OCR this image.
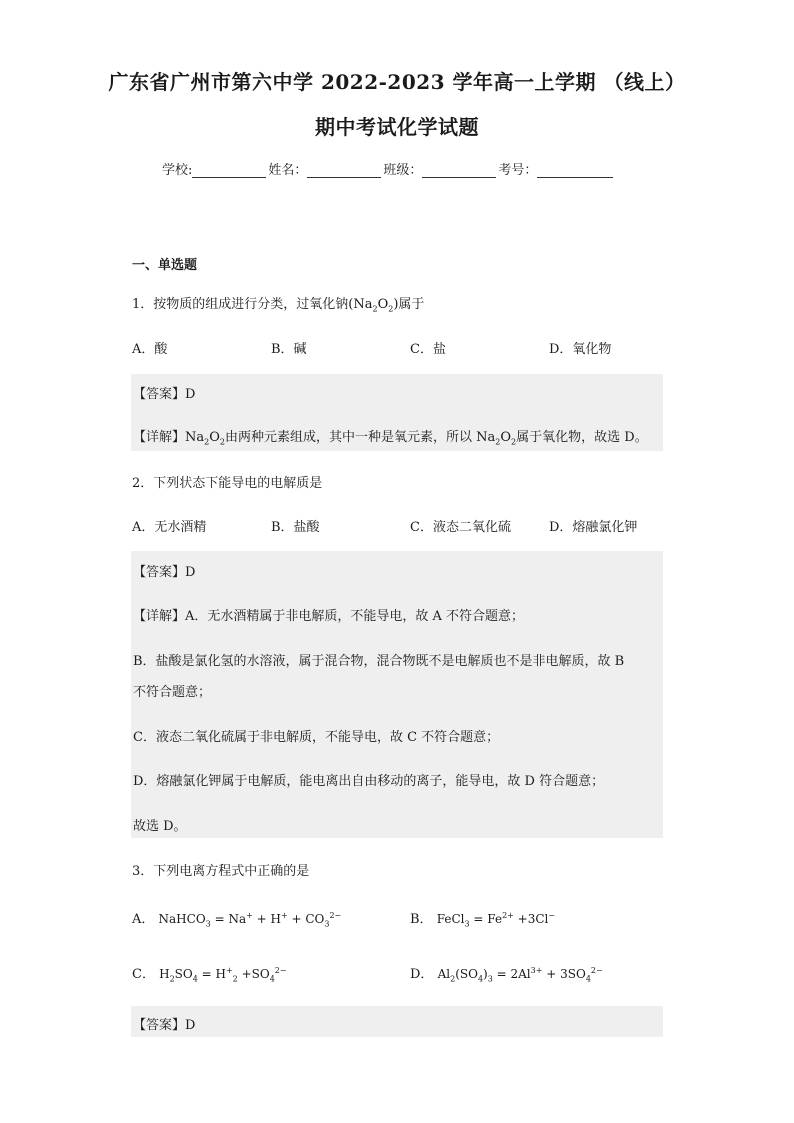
广东省广州市第六中学 2022-2023 学年高一上学期 （线上）
期中考试化学试题
学校:	姓名：	班级：	考号：
一、单选题
1．按物质的组成进行分类，过氧化钠$(Na_2O_2)$属于
A．酸	B．碱	C．盐	D．氧化物
【答案】D
【详解】$Na_2O_2$由两种元素组成，其中一种是氧元素，所以 $Na_2O_2$属于氧化物，故选 D。
2．下列状态下能导电的电解质是
A．无水酒精	B．盐酸	C．液态二氧化硫	D．熔融氯化钾
【答案】D
【详解】A．无水酒精属于非电解质，不能导电，故 A 不符合题意；
B．盐酸是氯化氢的水溶液，属于混合物，混合物既不是电解质也不是非电解质，故 B
不符合题意；
C．液态二氧化硫属于非电解质，不能导电，故 C 不符合题意；
D．熔融氯化钾属于电解质，能电离出自由移动的离子，能导电，故 D 符合题意；
故选 D。
3．下列电离方程式中正确的是
A． NaHCO$_3$ = $Na^+ + H^+ + CO_3^{2-}$	B． FeCl$_3$ = $Fe^{2+} +3Cl^-$
C． $H_2SO_4 = H^+_2 +SO_4^{2-}$	D． $Al_2(SO_4)_3 = 2Al^{3+} + 3SO_4^{2-}$
【答案】D
